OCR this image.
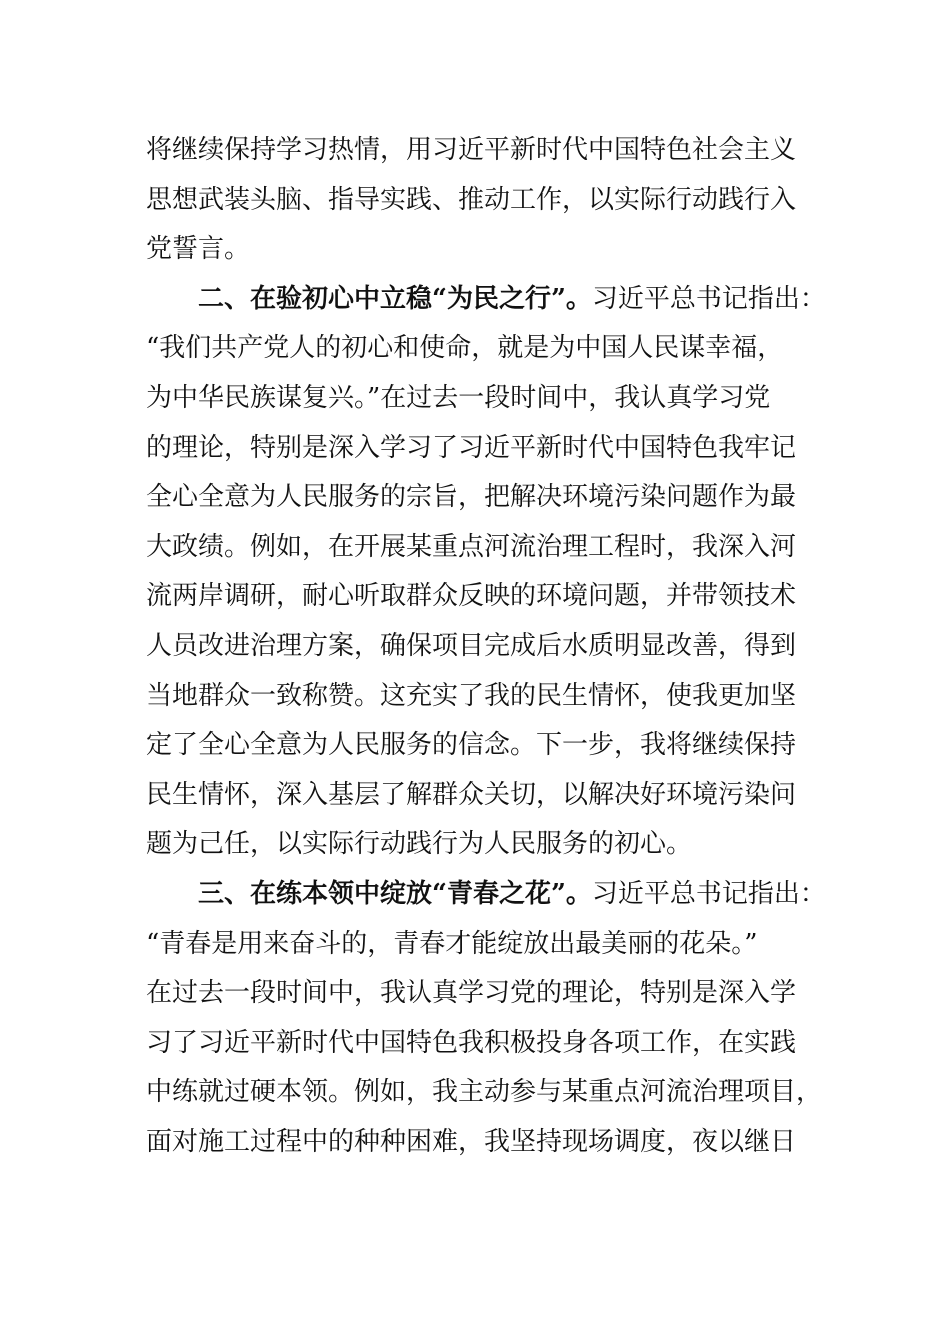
将继续保持学习热情，用习近平新时代中国特色社会主义
思想武装头脑、指导实践、推动工作，以实际行动践行入
党誓言。
二、在验初心中立稳“为民之行”。习近平总书记指出：
“我们共产党人的初心和使命，就是为中国人民谋幸福，
为中华民族谋复兴。”在过去一段时间中，我认真学习党
的理论，特别是深入学习了习近平新时代中国特色我牢记
全心全意为人民服务的宗旨，把解决环境污染问题作为最
大政绩。例如，在开展某重点河流治理工程时，我深入河
流两岸调研，耐心听取群众反映的环境问题，并带领技术
人员改进治理方案，确保项目完成后水质明显改善，得到
当地群众一致称赞。这充实了我的民生情怀，使我更加坚
定了全心全意为人民服务的信念。下一步，我将继续保持
民生情怀，深入基层了解群众关切，以解决好环境污染问
题为己任，以实际行动践行为人民服务的初心。
三、在练本领中绽放“青春之花”。习近平总书记指出：
“青春是用来奋斗的，青春才能绽放出最美丽的花朵。”
在过去一段时间中，我认真学习党的理论，特别是深入学
习了习近平新时代中国特色我积极投身各项工作，在实践
中练就过硬本领。例如，我主动参与某重点河流治理项目，
面对施工过程中的种种困难，我坚持现场调度，夜以继日
